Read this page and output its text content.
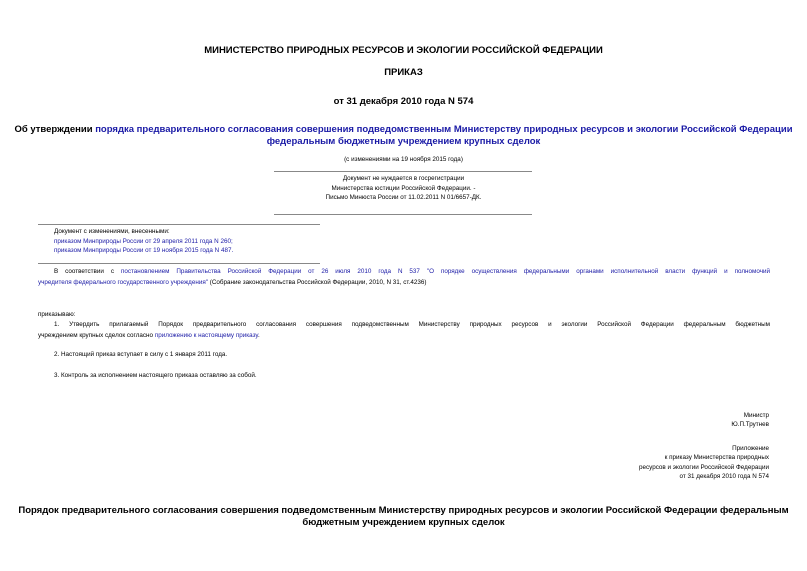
МИНИСТЕРСТВО ПРИРОДНЫХ РЕСУРСОВ И ЭКОЛОГИИ РОССИЙСКОЙ ФЕДЕРАЦИИ
ПРИКАЗ
от 31 декабря 2010 года N 574
Об утверждении порядка предварительного согласования совершения подведомственным Министерству природных ресурсов и экологии Российской Федерации
федеральным бюджетным учреждением крупных сделок
(с изменениями на 19 ноября 2015 года)
Документ не нуждается в госрегистрации
Министерства юстиции Российской Федерации. -
Письмо Минюста России от 11.02.2011 N 01/6657-ДК.
Документ с изменениями, внесенными:
приказом Минприроды России от 29 апреля 2011 года N 260;
приказом Минприроды России от 19 ноября 2015 года N 487.
В соответствии с постановлением Правительства Российской Федерации от 26 июля 2010 года N 537 "О порядке осуществления федеральными органами исполнительной власти функций и полномочий
учредителя федерального государственного учреждения" (Собрание законодательства Российской Федерации, 2010, N 31, ст.4236)
приказываю:
1. Утвердить прилагаемый Порядок предварительного согласования совершения подведомственным Министерству природных ресурсов и экологии Российской Федерации федеральным бюджетным
учреждением крупных сделок согласно приложению к настоящему приказу.
2. Настоящий приказ вступает в силу с 1 января 2011 года.
3. Контроль за исполнением настоящего приказа оставляю за собой.
Министр
Ю.П.Трутнев
Приложение
к приказу Министерства природных
ресурсов и экологии Российской Федерации
от 31 декабря 2010 года N 574
Порядок предварительного согласования совершения подведомственным Министерству природных ресурсов и экологии Российской Федерации федеральным
бюджетным учреждением крупных сделок
